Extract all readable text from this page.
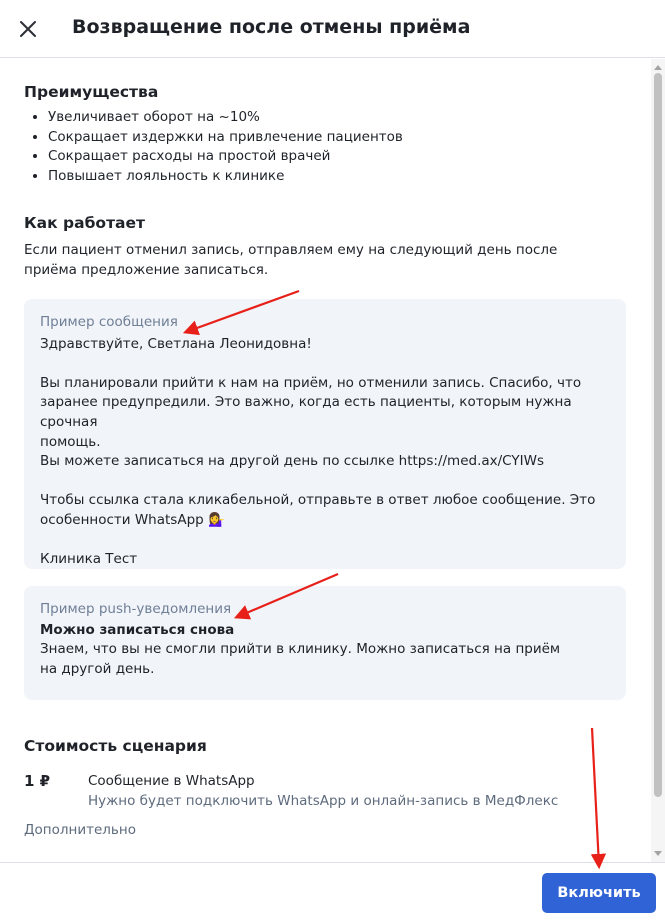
Возвращение после отмены приёма
Преимущества
• Увеличивает оборот на ~10%
• Сокращает издержки на привлечение пациентов
• Сокращает расходы на простой врачей
• Повышает лояльность к клинике
Как работает
Если пациент отменил запись, отправляем ему на следующий день после приёма предложение записаться.
Пример сообщения
Здравствуйте, Светлана Леонидовна!

Вы планировали прийти к нам на приём, но отменили запись. Спасибо, что
заранее предупредили. Это важно, когда есть пациенты, которым нужна срочная
помощь.
Вы можете записаться на другой день по ссылке https://med.ax/CYIWs

Чтобы ссылка стала кликабельной, отправьте в ответ любое сообщение. Это
особенности WhatsApp 💁‍♀️

Клиника Тест
Пример push-уведомления
Можно записаться снова
Знаем, что вы не смогли прийти в клинику. Можно записаться на приём на другой день.
Стоимость сценария
1 ₽	Сообщение в WhatsApp
Нужно будет подключить WhatsApp и онлайн-запись в МедФлекс
Дополнительно
Включить
